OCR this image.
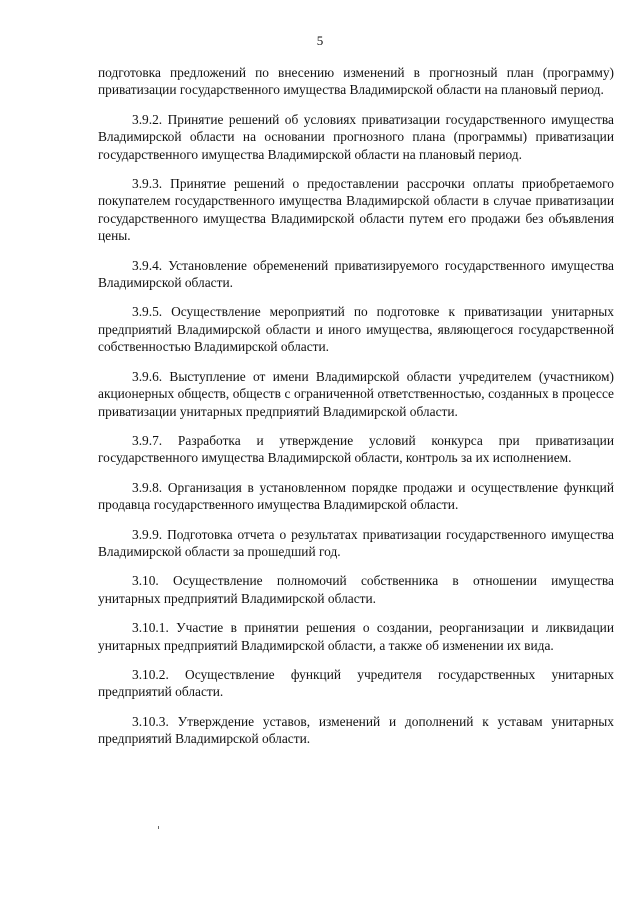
5

подготовка предложений по внесению изменений в прогнозный план (программу) приватизации государственного имущества Владимирской области на плановый период.

3.9.2. Принятие решений об условиях приватизации государственного имущества Владимирской области на основании прогнозного плана (программы) приватизации государственного имущества Владимирской области на плановый период.

3.9.3. Принятие решений о предоставлении рассрочки оплаты приобретаемого покупателем государственного имущества Владимирской области в случае приватизации государственного имущества Владимирской области путем его продажи без объявления цены.

3.9.4. Установление обременений приватизируемого государственного имущества Владимирской области.

3.9.5. Осуществление мероприятий по подготовке к приватизации унитарных предприятий Владимирской области и иного имущества, являющегося государственной собственностью Владимирской области.

3.9.6. Выступление от имени Владимирской области учредителем (участником) акционерных обществ, обществ с ограниченной ответственностью, созданных в процессе приватизации унитарных предприятий Владимирской области.

3.9.7. Разработка и утверждение условий конкурса при приватизации государственного имущества Владимирской области, контроль за их исполнением.

3.9.8. Организация в установленном порядке продажи и осуществление функций продавца государственного имущества Владимирской области.

3.9.9. Подготовка отчета о результатах приватизации государственного имущества Владимирской области за прошедший год.

3.10. Осуществление полномочий собственника в отношении имущества унитарных предприятий Владимирской области.

3.10.1. Участие в принятии решения о создании, реорганизации и ликвидации унитарных предприятий Владимирской области, а также об изменении их вида.

3.10.2. Осуществление функций учредителя государственных унитарных предприятий области.

3.10.3. Утверждение уставов, изменений и дополнений к уставам унитарных предприятий Владимирской области.
